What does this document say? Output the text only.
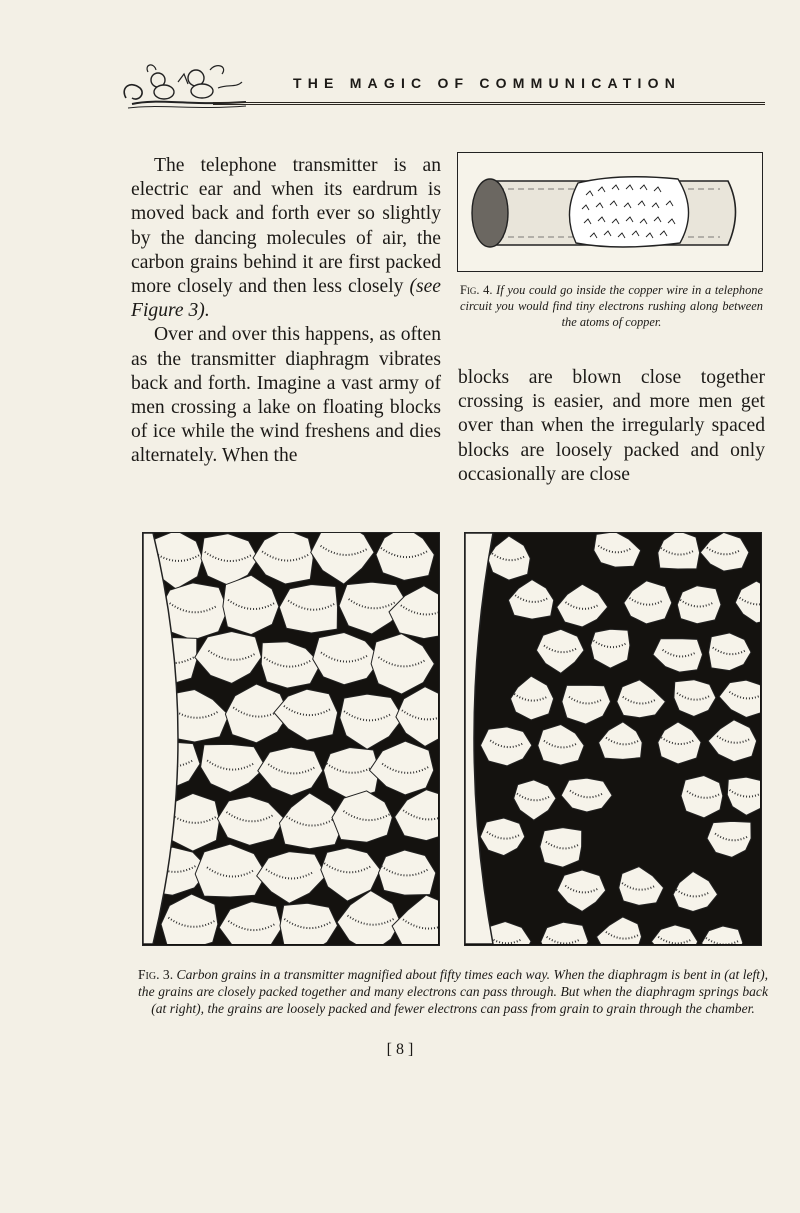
THE MAGIC OF COMMUNICATION

The telephone transmitter is an electric ear and when its eardrum is moved back and forth ever so slightly by the dancing molecules of air, the carbon grains behind it are first packed more closely and then less closely (see Figure 3).

Over and over this happens, as often as the transmitter diaphragm vibrates back and forth. Imagine a vast army of men crossing a lake on floating blocks of ice while the wind freshens and dies alternately. When the

Fig. 4. If you could go inside the copper wire in a telephone circuit you would find tiny electrons rushing along between the atoms of copper.

blocks are blown close together crossing is easier, and more men get over than when the irregularly spaced blocks are loosely packed and only occasionally are close

Fig. 3. Carbon grains in a transmitter magnified about fifty times each way. When the diaphragm is bent in (at left), the grains are closely packed together and many electrons can pass through. But when the diaphragm springs back (at right), the grains are loosely packed and fewer electrons can pass from grain to grain through the chamber.
[ 8 ]
